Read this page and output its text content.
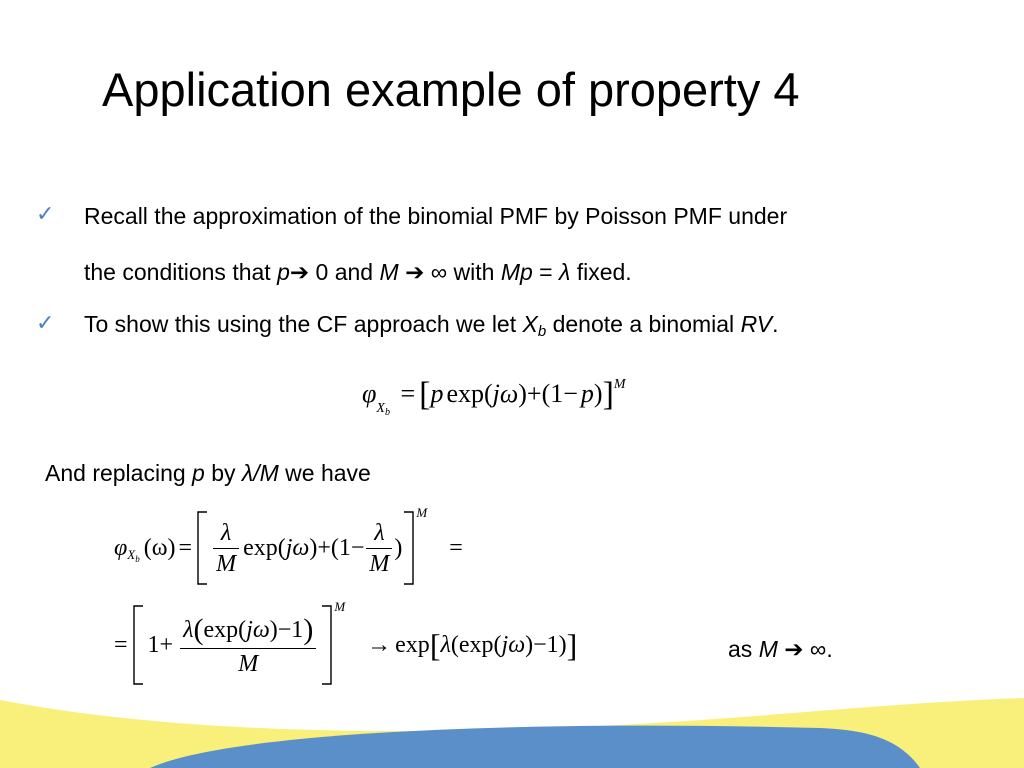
Application example of property 4
✓ Recall the approximation of the binomial PMF by Poisson PMF under
the conditions that p➔ 0 and M ➔ ∞ with Mp = λ fixed.
✓ To show this using the CF approach we let $X_b$ denote a binomial RV.
$\varphi_{X_b} = [p$ exp(jω)+(1− p)]$^M$
And replacing p by λ/M we have
φ $_{X_b}$ $(\omega) = \frac{\lambda}{M} \exp$( j ω )$+(1- \frac{\lambda}{M}$ )
$^M$
=
= $1+ \frac{\lambda(\exp(j\omega)-1)}{M}$
$^M$
→ exp [ λ (exp( j ω )−1) ]	as M ➔ ∞.
